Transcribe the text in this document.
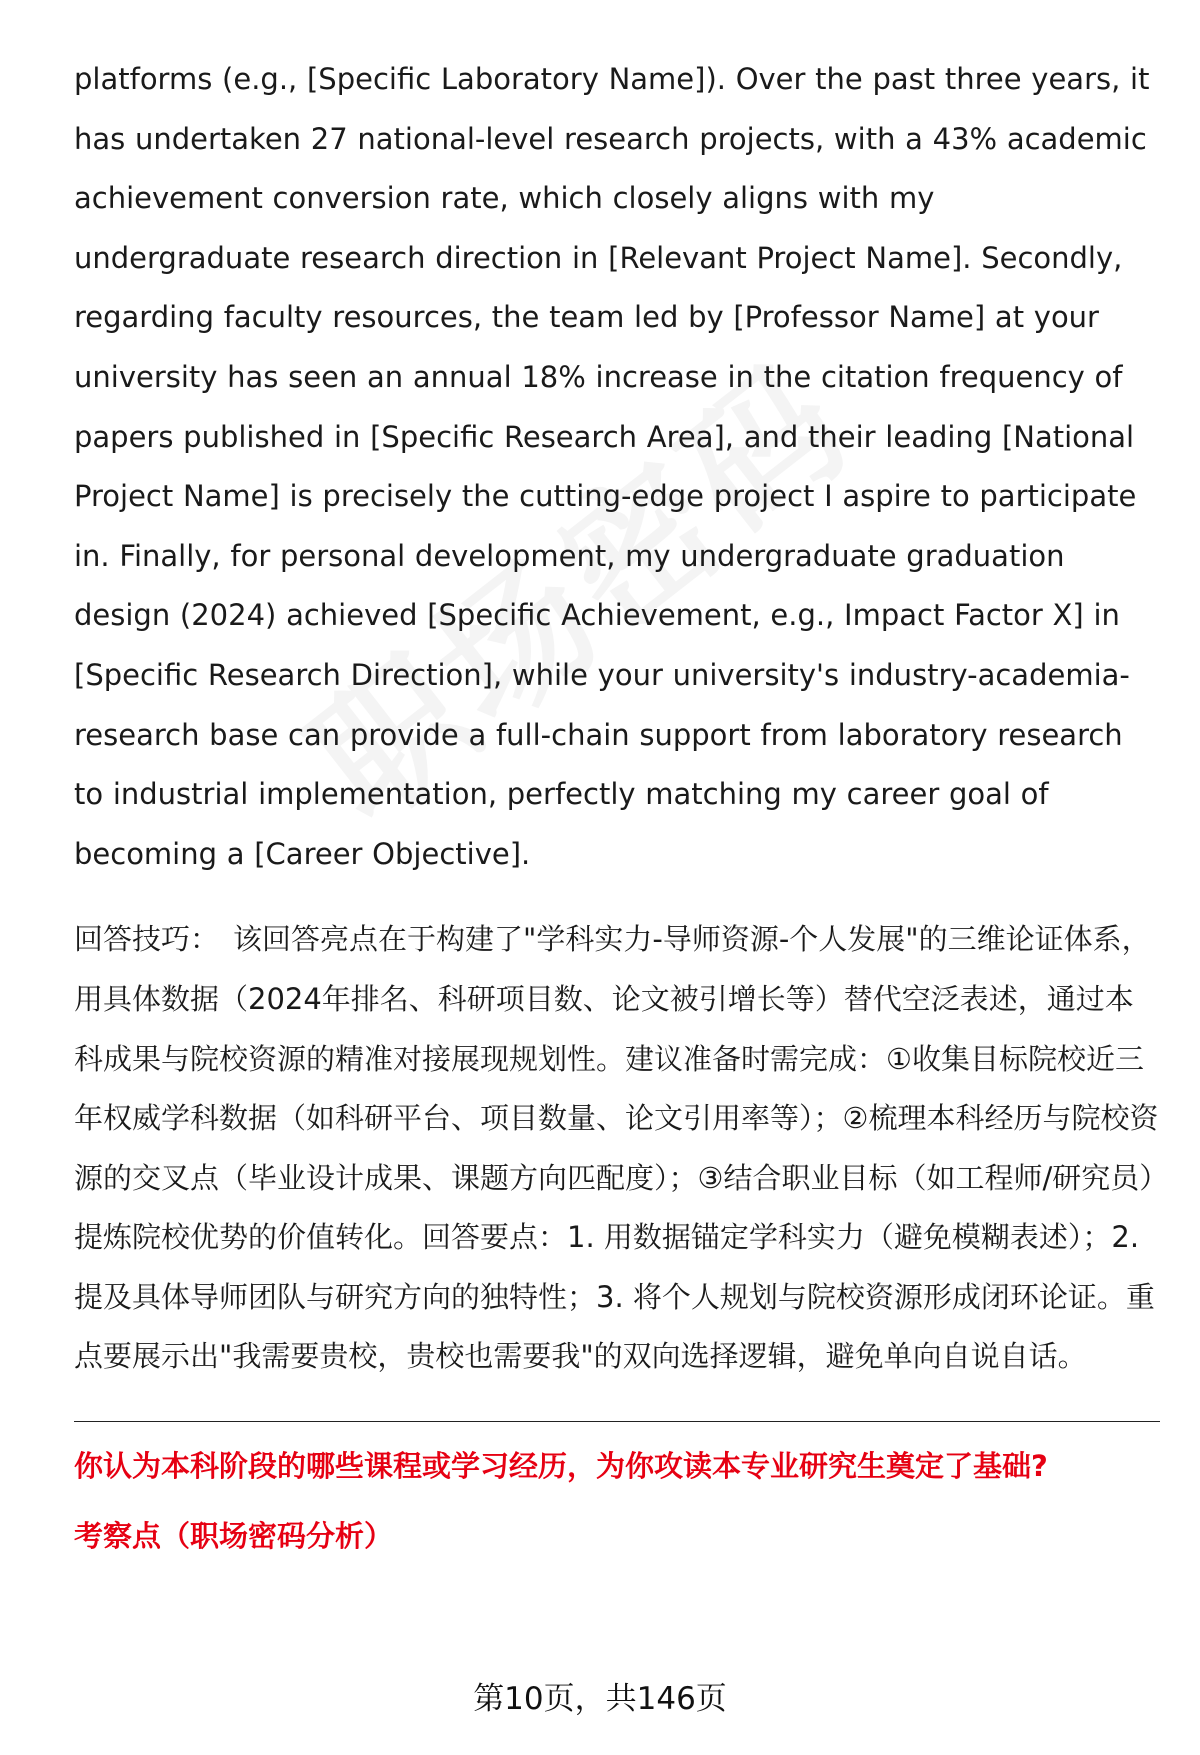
platforms (e.g., [Specific Laboratory Name]). Over the past three years, it has undertaken 27 national-level research projects, with a 43% academic achievement conversion rate, which closely aligns with my undergraduate research direction in [Relevant Project Name]. Secondly, regarding faculty resources, the team led by [Professor Name] at your university has seen an annual 18% increase in the citation frequency of papers published in [Specific Research Area], and their leading [National Project Name] is precisely the cutting-edge project I aspire to participate in. Finally, for personal development, my undergraduate graduation design (2024) achieved [Specific Achievement, e.g., Impact Factor X] in [Specific Research Direction], while your university's industry-academia-research base can provide a full-chain support from laboratory research to industrial implementation, perfectly matching my career goal of becoming a [Career Objective].

回答技巧： 该回答亮点在于构建了"学科实力-导师资源-个人发展"的三维论证体系，用具体数据（2024年排名、科研项目数、论文被引增长等）替代空泛表述，通过本科成果与院校资源的精准对接展现规划性。建议准备时需完成：①收集目标院校近三年权威学科数据（如科研平台、项目数量、论文引用率等）；②梳理本科经历与院校资源的交叉点（毕业设计成果、课题方向匹配度）；③结合职业目标（如工程师/研究员）提炼院校优势的价值转化。回答要点：1. 用数据锚定学科实力（避免模糊表述）；2. 提及具体导师团队与研究方向的独特性；3. 将个人规划与院校资源形成闭环论证。重点要展示出"我需要贵校，贵校也需要我"的双向选择逻辑，避免单向自说自话。

你认为本科阶段的哪些课程或学习经历，为你攻读本专业研究生奠定了基础?
考察点（职场密码分析）
第10页，共146页
